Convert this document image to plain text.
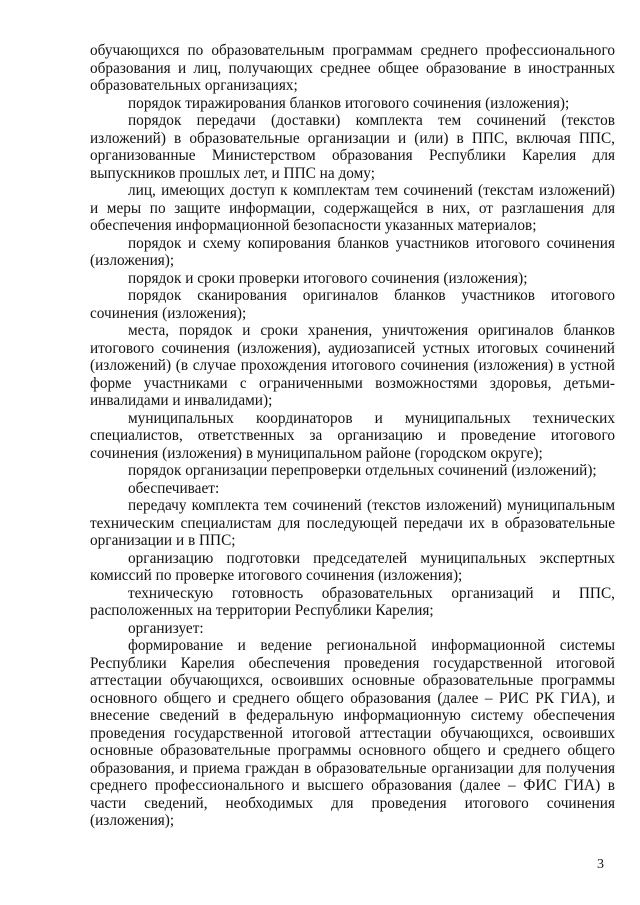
обучающихся по образовательным программам среднего профессионального образования и лиц, получающих среднее общее образование в иностранных образовательных организациях;

порядок тиражирования бланков итогового сочинения (изложения);

порядок передачи (доставки) комплекта тем сочинений (текстов изложений) в образовательные организации и (или) в ППС, включая ППС, организованные Министерством образования Республики Карелия для выпускников прошлых лет, и ППС на дому;

лиц, имеющих доступ к комплектам тем сочинений (текстам изложений) и меры по защите информации, содержащейся в них, от разглашения для обеспечения информационной безопасности указанных материалов;

порядок и схему копирования бланков участников итогового сочинения (изложения);

порядок и сроки проверки итогового сочинения (изложения);

порядок сканирования оригиналов бланков участников итогового сочинения (изложения);

места, порядок и сроки хранения, уничтожения оригиналов бланков итогового сочинения (изложения), аудиозаписей устных итоговых сочинений (изложений) (в случае прохождения итогового сочинения (изложения) в устной форме участниками с ограниченными возможностями здоровья, детьми-инвалидами и инвалидами);

муниципальных координаторов и муниципальных технических специалистов, ответственных за организацию и проведение итогового сочинения (изложения) в муниципальном районе (городском округе);

порядок организации перепроверки отдельных сочинений (изложений);

обеспечивает:

передачу комплекта тем сочинений (текстов изложений) муниципальным техническим специалистам для последующей передачи их в образовательные организации и в ППС;

организацию подготовки председателей муниципальных экспертных комиссий по проверке итогового сочинения (изложения);

техническую готовность образовательных организаций и ППС, расположенных на территории Республики Карелия;

организует:

формирование и ведение региональной информационной системы Республики Карелия обеспечения проведения государственной итоговой аттестации обучающихся, освоивших основные образовательные программы основного общего и среднего общего образования (далее – РИС РК ГИА), и внесение сведений в федеральную информационную систему обеспечения проведения государственной итоговой аттестации обучающихся, освоивших основные образовательные программы основного общего и среднего общего образования, и приема граждан в образовательные организации для получения среднего профессионального и высшего образования (далее – ФИС ГИА) в части сведений, необходимых для проведения итогового сочинения (изложения);

3
